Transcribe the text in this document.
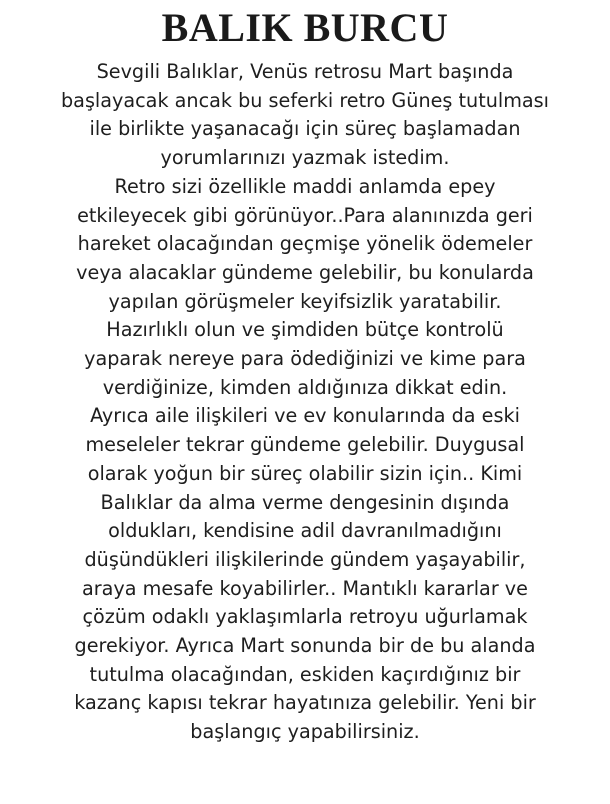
BALIK BURCU
Sevgili Balıklar, Venüs retrosu Mart başında
başlayacak ancak bu seferki retro Güneş tutulması
ile birlikte yaşanacağı için süreç başlamadan
yorumlarınızı yazmak istedim.
Retro sizi özellikle maddi anlamda epey
etkileyecek gibi görünüyor..Para alanınızda geri
hareket olacağından geçmişe yönelik ödemeler
veya alacaklar gündeme gelebilir, bu konularda
yapılan görüşmeler keyifsizlik yaratabilir.
Hazırlıklı olun ve şimdiden bütçe kontrolü
yaparak nereye para ödediğinizi ve kime para
verdiğinize, kimden aldığınıza dikkat edin.
Ayrıca aile ilişkileri ve ev konularında da eski
meseleler tekrar gündeme gelebilir. Duygusal
olarak yoğun bir süreç olabilir sizin için.. Kimi
Balıklar da alma verme dengesinin dışında
oldukları, kendisine adil davranılmadığını
düşündükleri ilişkilerinde gündem yaşayabilir,
araya mesafe koyabilirler.. Mantıklı kararlar ve
çözüm odaklı yaklaşımlarla retroyu uğurlamak
gerekiyor. Ayrıca Mart sonunda bir de bu alanda
tutulma olacağından, eskiden kaçırdığınız bir
kazanç kapısı tekrar hayatınıza gelebilir. Yeni bir
başlangıç yapabilirsiniz.
